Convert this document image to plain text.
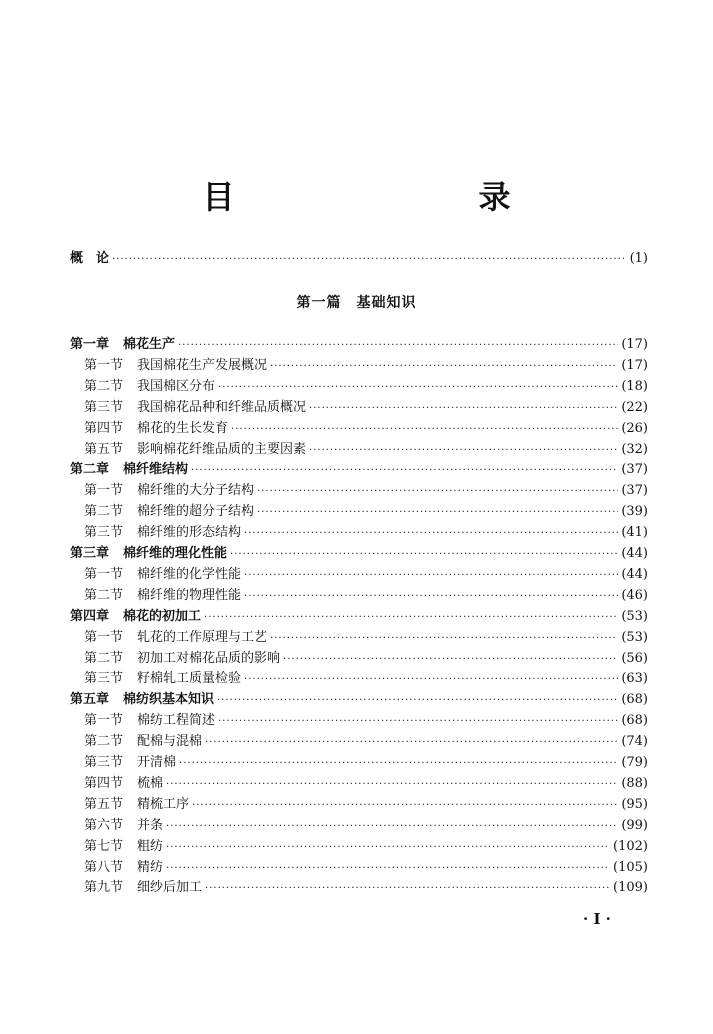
目　　录
概　论 ·····	(1)
第一篇　基础知识
第一章 棉花生产 ·····	(17)
第一节 我国棉花生产发展概况 ·····	(17)
第二节 我国棉区分布 ·····	(18)
第三节 我国棉花品种和纤维品质概况 ·····	(22)
第四节 棉花的生长发育 ·····	(26)
第五节 影响棉花纤维品质的主要因素 ·····	(32)
第二章 棉纤维结构 ·····	(37)
第一节 棉纤维的大分子结构 ·····	(37)
第二节 棉纤维的超分子结构 ·····	(39)
第三节 棉纤维的形态结构 ·····	(41)
第三章 棉纤维的理化性能 ·····	(44)
第一节 棉纤维的化学性能 ·····	(44)
第二节 棉纤维的物理性能 ·····	(46)
第四章 棉花的初加工 ·····	(53)
第一节 轧花的工作原理与工艺 ·····	(53)
第二节 初加工对棉花品质的影响 ·····	(56)
第三节 籽棉轧工质量检验 ·····	(63)
第五章 棉纺织基本知识 ·····	(68)
第一节 棉纺工程简述 ·····	(68)
第二节 配棉与混棉 ·····	(74)
第三节 开清棉 ·····	(79)
第四节 梳棉 ·····	(88)
第五节 精梳工序 ·····	(95)
第六节 并条 ·····	(99)
第七节 粗纺 ·····	(102)
第八节 精纺 ·····	(105)
第九节 细纱后加工 ·····	(109)
· I ·
